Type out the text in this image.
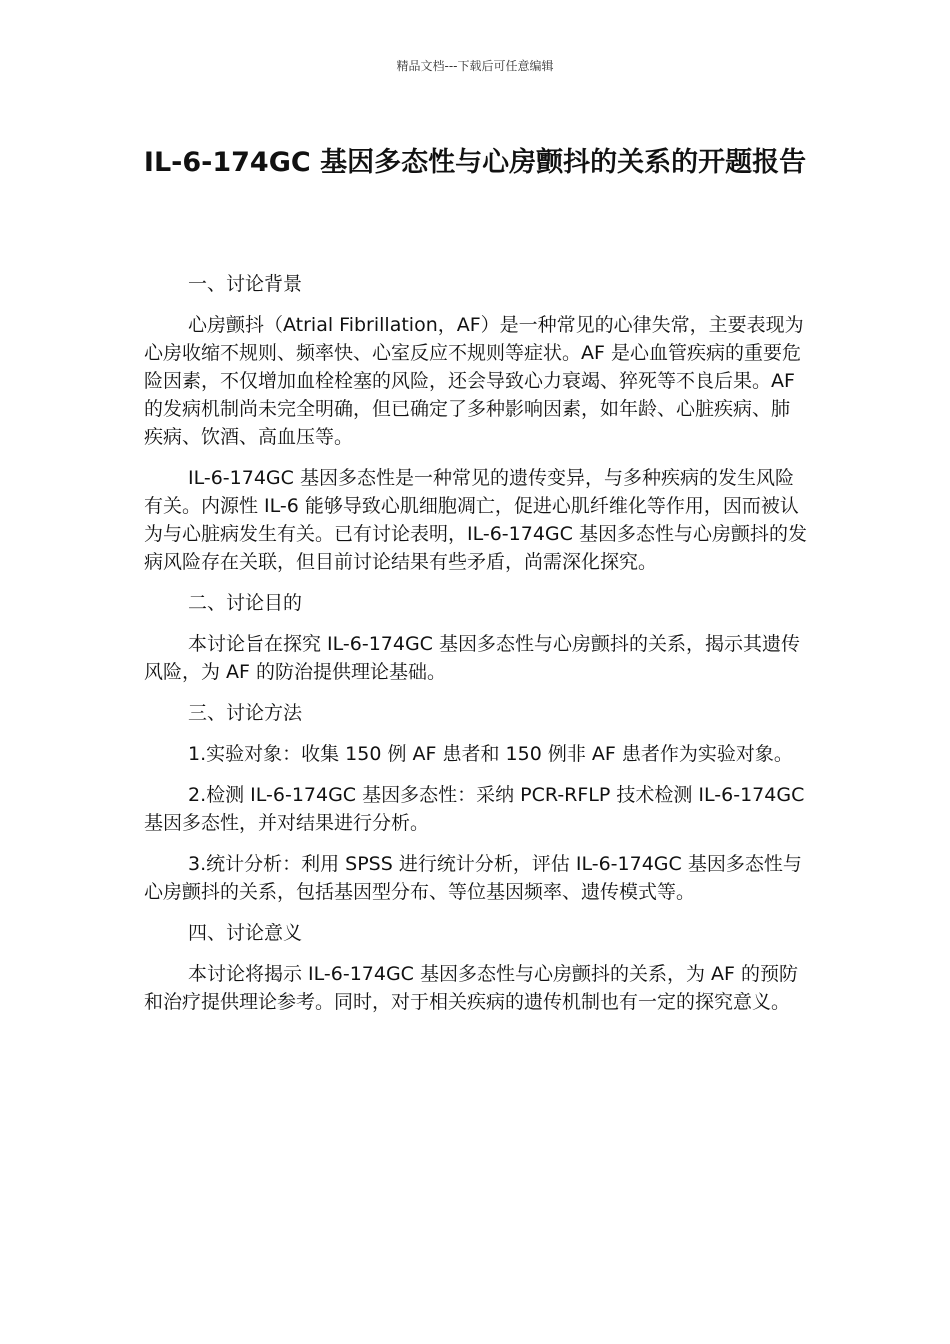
精品文档---下载后可任意编辑
IL-6-174GC 基因多态性与心房颤抖的关系的开题报告

一、讨论背景

心房颤抖（Atrial Fibrillation，AF）是一种常见的心律失常，主要表现为心房收缩不规则、频率快、心室反应不规则等症状。AF 是心血管疾病的重要危险因素，不仅增加血栓栓塞的风险，还会导致心力衰竭、猝死等不良后果。AF 的发病机制尚未完全明确，但已确定了多种影响因素，如年龄、心脏疾病、肺疾病、饮酒、高血压等。

IL-6-174GC 基因多态性是一种常见的遗传变异，与多种疾病的发生风险有关。内源性 IL-6 能够导致心肌细胞凋亡，促进心肌纤维化等作用，因而被认为与心脏病发生有关。已有讨论表明，IL-6-174GC 基因多态性与心房颤抖的发病风险存在关联，但目前讨论结果有些矛盾，尚需深化探究。

二、讨论目的

本讨论旨在探究 IL-6-174GC 基因多态性与心房颤抖的关系，揭示其遗传风险，为 AF 的防治提供理论基础。

三、讨论方法

1.实验对象：收集 150 例 AF 患者和 150 例非 AF 患者作为实验对象。

2.检测 IL-6-174GC 基因多态性：采纳 PCR-RFLP 技术检测 IL-6-174GC 基因多态性，并对结果进行分析。

3.统计分析：利用 SPSS 进行统计分析，评估 IL-6-174GC 基因多态性与心房颤抖的关系，包括基因型分布、等位基因频率、遗传模式等。

四、讨论意义

本讨论将揭示 IL-6-174GC 基因多态性与心房颤抖的关系，为 AF 的预防和治疗提供理论参考。同时，对于相关疾病的遗传机制也有一定的探究意义。
